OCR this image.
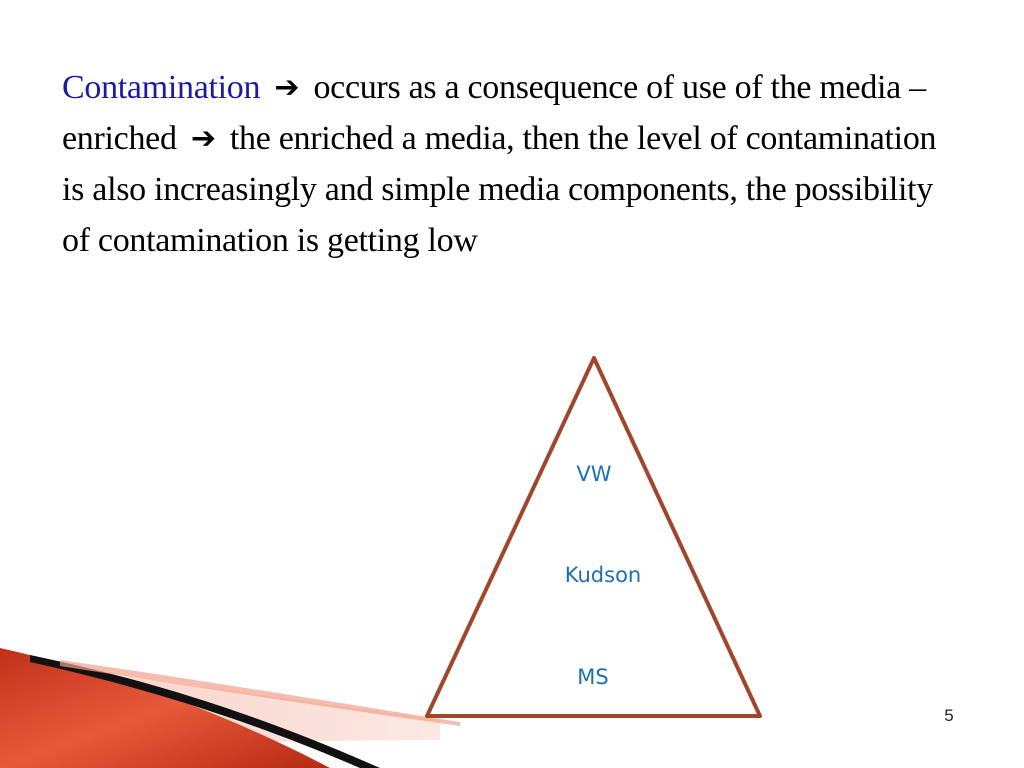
Contamination ➔ occurs as a consequence of use of the media –enriched ➔ the enriched a media, then the level of contamination is also increasingly and simple media components, the possibility of contamination is getting low
VW
Kudson
MS
5
